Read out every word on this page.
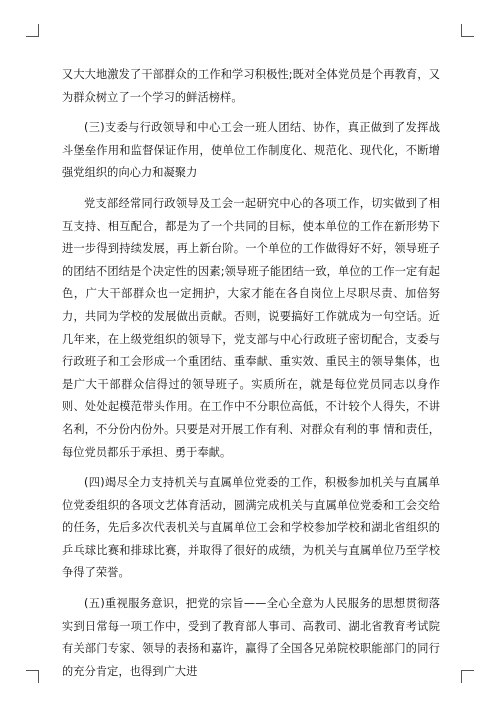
又大大地激发了干部群众的工作和学习积极性;既对全体党员是个再教育，又为群众树立了一个学习的鲜活榜样。

(三)支委与行政领导和中心工会一班人团结、协作，真正做到了发挥战斗堡垒作用和监督保证作用，使单位工作制度化、规范化、现代化，不断增强党组织的向心力和凝聚力

党支部经常同行政领导及工会一起研究中心的各项工作，切实做到了相互支持、相互配合，都是为了一个共同的目标，使本单位的工作在新形势下进一步得到持续发展，再上新台阶。一个单位的工作做得好不好，领导班子的团结不团结是个决定性的因素;领导班子能团结一致，单位的工作一定有起色，广大干部群众也一定拥护，大家才能在各自岗位上尽职尽责、加倍努力，共同为学校的发展做出贡献。否则，说要搞好工作就成为一句空话。近几年来，在上级党组织的领导下，党支部与中心行政班子密切配合，支委与行政班子和工会形成一个重团结、重奉献、重实效、重民主的领导集体，也是广大干部群众信得过的领导班子。实质所在，就是每位党员同志以身作则、处处起模范带头作用。在工作中不分职位高低，不计较个人得失，不讲名利，不分份内份外。只要是对开展工作有利、对群众有利的事 情和责任，每位党员都乐于承担、勇于奉献。

(四)竭尽全力支持机关与直属单位党委的工作，积极参加机关与直属单位党委组织的各项文艺体育活动，圆满完成机关与直属单位党委和工会交给的任务，先后多次代表机关与直属单位工会和学校参加学校和湖北省组织的乒乓球比赛和排球比赛，并取得了很好的成绩，为机关与直属单位乃至学校争得了荣誉。

(五)重视服务意识，把党的宗旨——全心全意为人民服务的思想贯彻落实到日常每一项工作中，受到了教育部人事司、高教司、湖北省教育考试院有关部门专家、领导的表扬和嘉许，赢得了全国各兄弟院校职能部门的同行的充分肯定，也得到广大进
